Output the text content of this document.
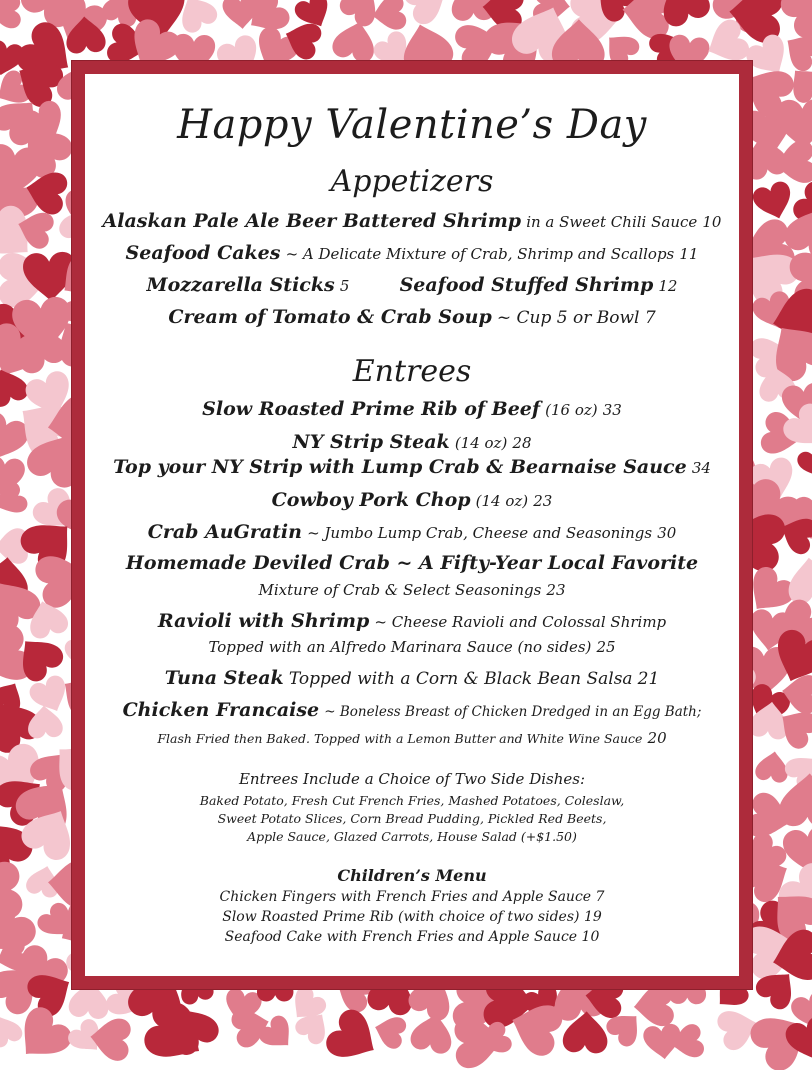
Happy Valentine’s Day
Appetizers
Alaskan Pale Ale Beer Battered Shrimp in a Sweet Chili Sauce 10
Seafood Cakes ~ A Delicate Mixture of Crab, Shrimp and Scallops 11
Mozzarella Sticks 5	Seafood Stuffed Shrimp 12
Cream of Tomato & Crab Soup ~ Cup 5 or Bowl 7
Entrees
Slow Roasted Prime Rib of Beef (16 oz) 33
NY Strip Steak (14 oz) 28
Top your NY Strip with Lump Crab & Bearnaise Sauce 34
Cowboy Pork Chop (14 oz) 23
Crab AuGratin ~ Jumbo Lump Crab, Cheese and Seasonings 30
Homemade Deviled Crab ~ A Fifty-Year Local Favorite
Mixture of Crab & Select Seasonings 23
Ravioli with Shrimp ~ Cheese Ravioli and Colossal Shrimp
Topped with an Alfredo Marinara Sauce (no sides) 25
Tuna Steak Topped with a Corn & Black Bean Salsa 21
Chicken Francaise ~ Boneless Breast of Chicken Dredged in an Egg Bath;
Flash Fried then Baked. Topped with a Lemon Butter and White Wine Sauce 20
Entrees Include a Choice of Two Side Dishes:
Baked Potato, Fresh Cut French Fries, Mashed Potatoes, Coleslaw,
Sweet Potato Slices, Corn Bread Pudding, Pickled Red Beets,
Apple Sauce, Glazed Carrots, House Salad (+$1.50)
Children’s Menu
Chicken Fingers with French Fries and Apple Sauce 7
Slow Roasted Prime Rib (with choice of two sides) 19
Seafood Cake with French Fries and Apple Sauce 10
